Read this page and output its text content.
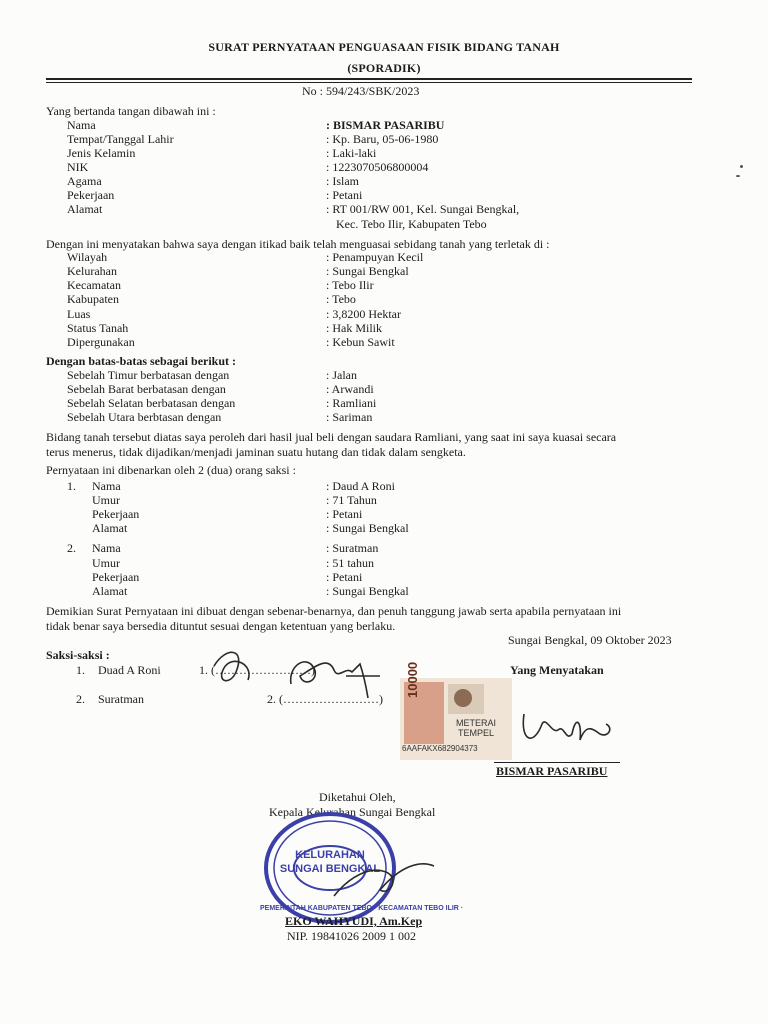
SURAT PERNYATAAN PENGUASAAN FISIK BIDANG TANAH
(SPORADIK)
No : 594/243/SBK/2023
Yang bertanda tangan dibawah ini :
Nama	: BISMAR PASARIBU
Tempat/Tanggal Lahir	: Kp. Baru, 05-06-1980
Jenis Kelamin	: Laki-laki
NIK	: 1223070506800004
Agama	: Islam
Pekerjaan	: Petani
Alamat	: RT 001/RW 001, Kel. Sungai Bengkal,
Kec. Tebo Ilir, Kabupaten Tebo
Dengan ini menyatakan bahwa saya dengan itikad baik telah menguasai sebidang tanah yang terletak di :
Wilayah	: Penampuyan Kecil
Kelurahan	: Sungai Bengkal
Kecamatan	: Tebo Ilir
Kabupaten	: Tebo
Luas	: 3,8200 Hektar
Status Tanah	: Hak Milik
Dipergunakan	: Kebun Sawit
Dengan batas-batas sebagai berikut :
Sebelah Timur berbatasan dengan	: Jalan
Sebelah Barat berbatasan dengan	: Arwandi
Sebelah Selatan berbatasan dengan	: Ramliani
Sebelah Utara berbtasan dengan	: Sariman
Bidang tanah tersebut diatas saya peroleh dari hasil jual beli dengan saudara Ramliani, yang saat ini saya kuasai secara
terus menerus, tidak dijadikan/menjadi jaminan suatu hutang dan tidak dalam sengketa.
Pernyataan ini dibenarkan oleh 2 (dua) orang saksi :
1. Nama	: Daud A Roni
Umur	: 71 Tahun
Pekerjaan	: Petani
Alamat	: Sungai Bengkal
2. Nama	: Suratman
Umur	: 51 tahun
Pekerjaan	: Petani
Alamat	: Sungai Bengkal
Demikian Surat Pernyataan ini dibuat dengan sebenar-benarnya, dan penuh tanggung jawab serta apabila pernyataan ini
tidak benar saya bersedia dituntut sesuai dengan ketentuan yang berlaku.
Sungai Bengkal, 09 Oktober 2023
Saksi-saksi :
1. Duad A Roni	1. (……………………)
2. Suratman	2. (……………………)
Yang Menyatakan
10000
METERAI
TEMPEL
6AAFAKX682904373
BISMAR PASARIBU
Diketahui Oleh,
Kepala Kelurahan Sungai Bengkal
KELURAHAN
SUNGAI BENGKAL
PEMERINTAH KABUPATEN TEBO · KECAMATAN TEBO ILIR ·
EKO WAHYUDI, Am.Kep
NIP. 19841026 2009 1 002
